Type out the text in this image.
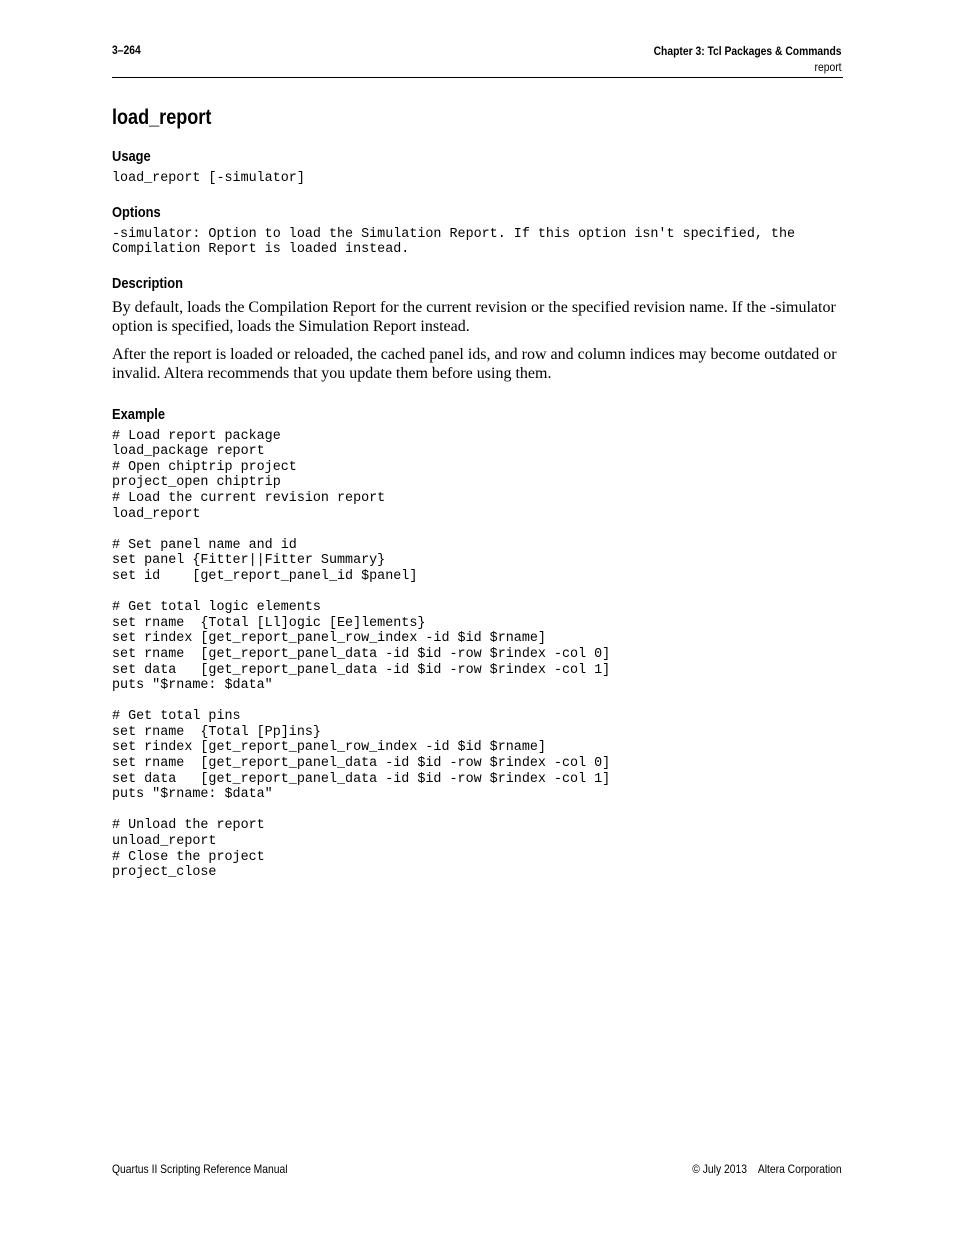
3–264	Chapter 3: Tcl Packages & Commands
report
load_report
Usage
load_report [-simulator]
Options
-simulator: Option to load the Simulation Report. If this option isn't specified, the
Compilation Report is loaded instead.
Description

By default, loads the Compilation Report for the current revision or the specified revision name. If the -simulator option is specified, loads the Simulation Report instead.

After the report is loaded or reloaded, the cached panel ids, and row and column indices may become outdated or invalid. Altera recommends that you update them before using them.

Example
# Load report package
load_package report
# Open chiptrip project
project_open chiptrip
# Load the current revision report
load_report

# Set panel name and id
set panel {Fitter||Fitter Summary}
set id    [get_report_panel_id $panel]

# Get total logic elements
set rname  {Total [Ll]ogic [Ee]lements}
set rindex [get_report_panel_row_index -id $id $rname]
set rname  [get_report_panel_data -id $id -row $rindex -col 0]
set data   [get_report_panel_data -id $id -row $rindex -col 1]
puts "$rname: $data"

# Get total pins
set rname  {Total [Pp]ins}
set rindex [get_report_panel_row_index -id $id $rname]
set rname  [get_report_panel_data -id $id -row $rindex -col 0]
set data   [get_report_panel_data -id $id -row $rindex -col 1]
puts "$rname: $data"

# Unload the report
unload_report
# Close the project
project_close
Quartus II Scripting Reference Manual	© July 2013    Altera Corporation
